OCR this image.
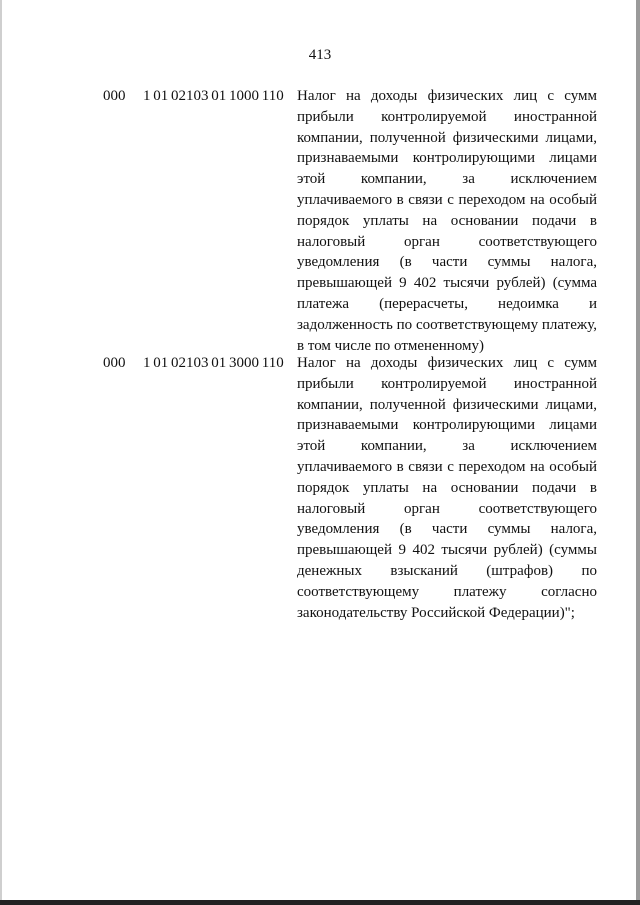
413
000 1 01 02103 01 1000 110 Налог на доходы физических лиц с сумм
прибыли контролируемой иностранной
компании, полученной физическими лицами,
признаваемыми контролирующими лицами
этой компании, за исключением
уплачиваемого в связи с переходом на особый
порядок уплаты на основании подачи в
налоговый орган соответствующего
уведомления (в части суммы налога,
превышающей 9 402 тысячи рублей) (сумма
платежа (перерасчеты, недоимка и
задолженность по соответствующему платежу,
в том числе по отмененному)
000 1 01 02103 01 3000 110 Налог на доходы физических лиц с сумм
прибыли контролируемой иностранной
компании, полученной физическими лицами,
признаваемыми контролирующими лицами
этой компании, за исключением
уплачиваемого в связи с переходом на особый
порядок уплаты на основании подачи в
налоговый орган соответствующего
уведомления (в части суммы налога,
превышающей 9 402 тысячи рублей) (суммы
денежных взысканий (штрафов) по
соответствующему платежу согласно
законодательству Российской Федерации)";
